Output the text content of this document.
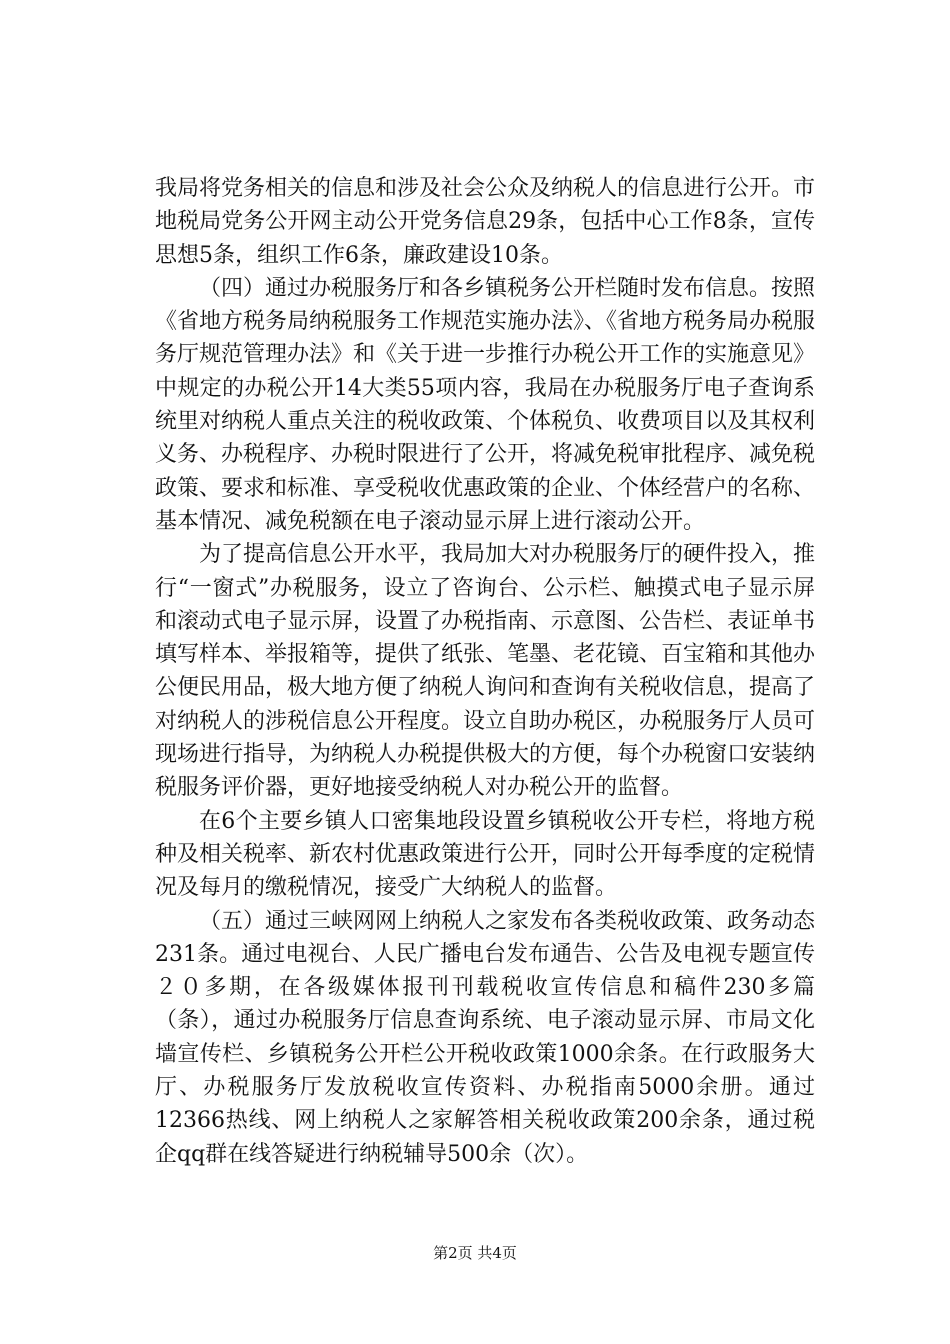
我局将党务相关的信息和涉及社会公众及纳税人的信息进行公开。市地税局党务公开网主动公开党务信息29条，包括中心工作8条，宣传思想5条，组织工作6条，廉政建设10条。

（四）通过办税服务厅和各乡镇税务公开栏随时发布信息。按照《省地方税务局纳税服务工作规范实施办法》、《省地方税务局办税服务厅规范管理办法》和《关于进一步推行办税公开工作的实施意见》中规定的办税公开14大类55项内容，我局在办税服务厅电子查询系统里对纳税人重点关注的税收政策、个体税负、收费项目以及其权利义务、办税程序、办税时限进行了公开，将减免税审批程序、减免税政策、要求和标准、享受税收优惠政策的企业、个体经营户的名称、基本情况、减免税额在电子滚动显示屏上进行滚动公开。

为了提高信息公开水平，我局加大对办税服务厅的硬件投入，推行“一窗式”办税服务，设立了咨询台、公示栏、触摸式电子显示屏和滚动式电子显示屏，设置了办税指南、示意图、公告栏、表证单书填写样本、举报箱等，提供了纸张、笔墨、老花镜、百宝箱和其他办公便民用品，极大地方便了纳税人询问和查询有关税收信息，提高了对纳税人的涉税信息公开程度。设立自助办税区，办税服务厅人员可现场进行指导，为纳税人办税提供极大的方便，每个办税窗口安装纳税服务评价器，更好地接受纳税人对办税公开的监督。

在6个主要乡镇人口密集地段设置乡镇税收公开专栏，将地方税种及相关税率、新农村优惠政策进行公开，同时公开每季度的定税情况及每月的缴税情况，接受广大纳税人的监督。

（五）通过三峡网网上纳税人之家发布各类税收政策、政务动态231条。通过电视台、人民广播电台发布通告、公告及电视专题宣传２０多期，在各级媒体报刊刊载税收宣传信息和稿件230多篇（条），通过办税服务厅信息查询系统、电子滚动显示屏、市局文化墙宣传栏、乡镇税务公开栏公开税收政策1000余条。在行政服务大厅、办税服务厅发放税收宣传资料、办税指南5000余册。通过12366热线、网上纳税人之家解答相关税收政策200余条，通过税企qq群在线答疑进行纳税辅导500余（次）。

第2页 共4页
